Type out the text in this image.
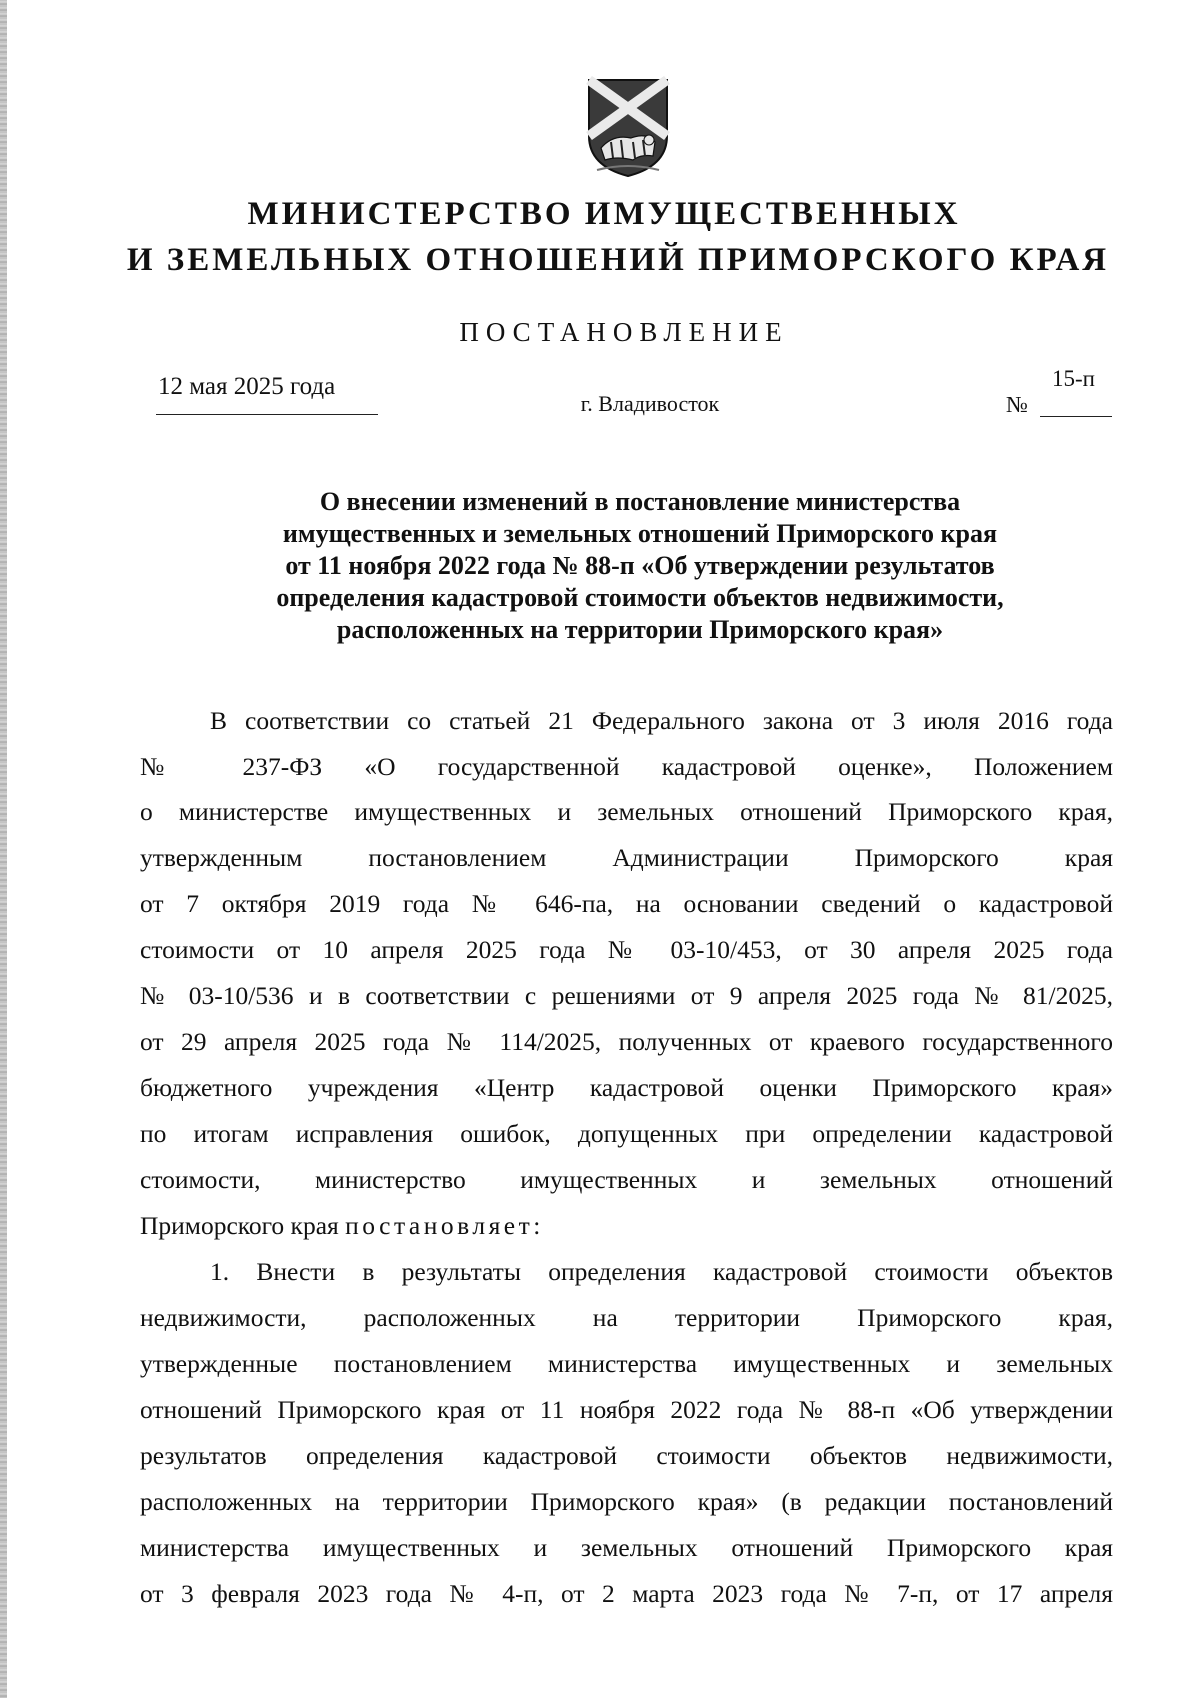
МИНИСТЕРСТВО ИМУЩЕСТВЕННЫХ
И ЗЕМЕЛЬНЫХ ОТНОШЕНИЙ ПРИМОРСКОГО КРАЯ
ПОСТАНОВЛЕНИЕ
12 мая 2025 года
г. Владивосток	№
15-п
О внесении изменений в постановление министерства
имущественных и земельных отношений Приморского края
от 11 ноября 2022 года № 88-п «Об утверждении результатов
определения кадастровой стоимости объектов недвижимости,
расположенных на территории Приморского края»
В соответствии со статьей 21 Федерального закона от 3 июля 2016 года
№ 237-ФЗ «О государственной кадастровой оценке», Положением
о министерстве имущественных и земельных отношений Приморского края,
утвержденным постановлением Администрации Приморского края
от 7 октября 2019 года № 646-па, на основании сведений о кадастровой
стоимости от 10 апреля 2025 года № 03-10/453, от 30 апреля 2025 года
№ 03-10/536 и в соответствии с решениями от 9 апреля 2025 года № 81/2025,
от 29 апреля 2025 года № 114/2025, полученных от краевого государственного
бюджетного учреждения «Центр кадастровой оценки Приморского края»
по итогам исправления ошибок, допущенных при определении кадастровой
стоимости, министерство имущественных и земельных отношений
Приморского края постановляет:
1. Внести в результаты определения кадастровой стоимости объектов
недвижимости, расположенных на территории Приморского края,
утвержденные постановлением министерства имущественных и земельных
отношений Приморского края от 11 ноября 2022 года № 88-п «Об утверждении
результатов определения кадастровой стоимости объектов недвижимости,
расположенных на территории Приморского края» (в редакции постановлений
министерства имущественных и земельных отношений Приморского края
от 3 февраля 2023 года № 4-п, от 2 марта 2023 года № 7-п, от 17 апреля
